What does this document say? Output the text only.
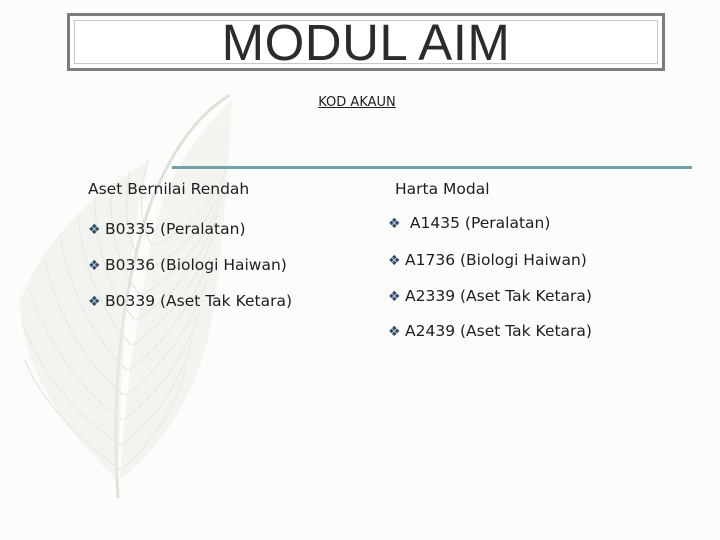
MODUL AIM
KOD AKAUN
Aset Bernilai Rendah	Harta Modal
❖ B0335 (Peralatan)
❖ B0336 (Biologi Haiwan)
❖ B0339 (Aset Tak Ketara)
❖ A1435 (Peralatan)
❖ A1736 (Biologi Haiwan)
❖ A2339 (Aset Tak Ketara)
❖ A2439 (Aset Tak Ketara)
